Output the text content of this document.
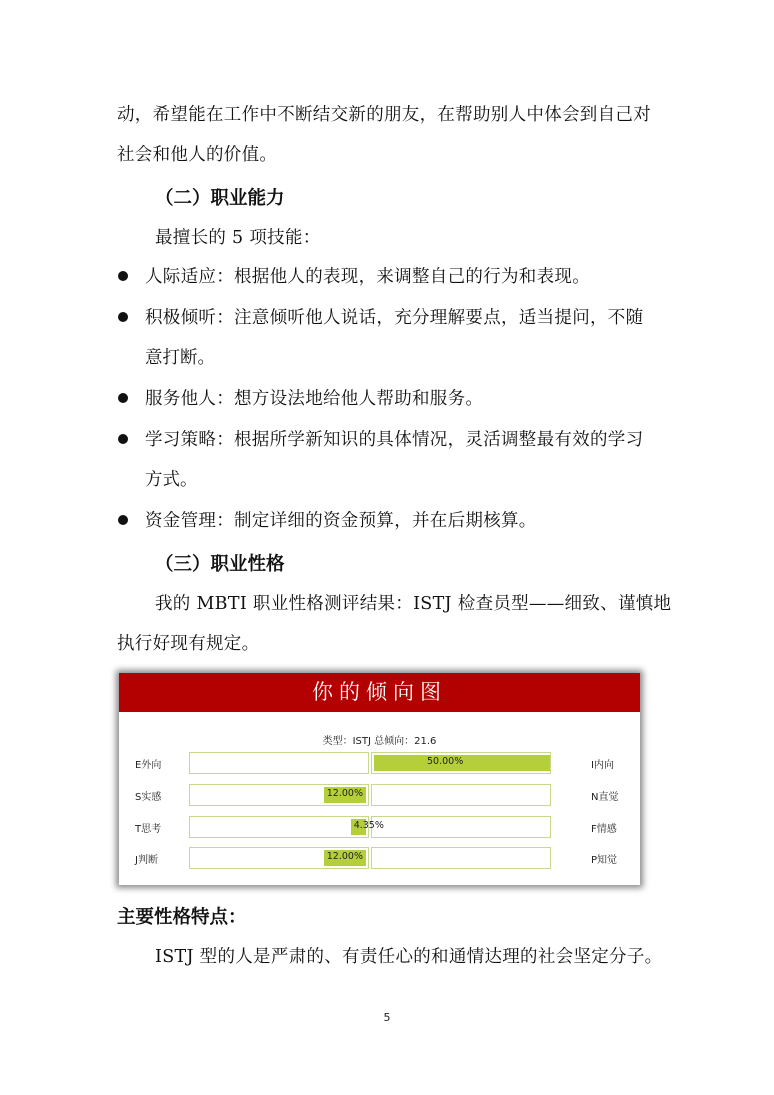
动，希望能在工作中不断结交新的朋友，在帮助别人中体会到自己对
社会和他人的价值。
（二）职业能力
最擅长的 5 项技能：
人际适应：根据他人的表现，来调整自己的行为和表现。
积极倾听：注意倾听他人说话，充分理解要点，适当提问，不随
意打断。
服务他人：想方设法地给他人帮助和服务。
学习策略：根据所学新知识的具体情况，灵活调整最有效的学习
方式。
资金管理：制定详细的资金预算，并在后期核算。
（三）职业性格
我的 MBTI 职业性格测评结果：ISTJ 检查员型——细致、谨慎地
执行好现有规定。
你的倾向图
类型：ISTJ 总倾向：21.6
E外向	50.00%	I内向
S实感	12.00%	N直觉
T思考	4.35%	F情感
J判断	12.00%	P知觉
主要性格特点：
ISTJ 型的人是严肃的、有责任心的和通情达理的社会坚定分子。
5
